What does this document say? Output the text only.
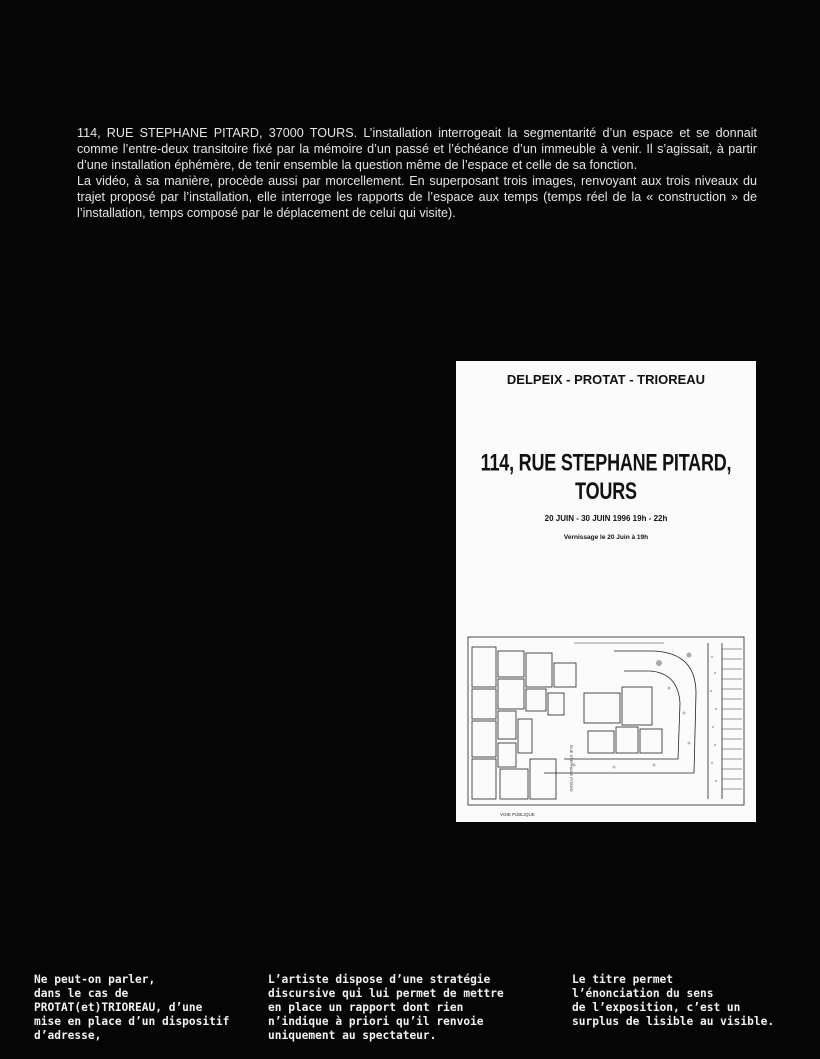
114, RUE STEPHANE PITARD, 37000 TOURS. L’installation interrogeait la segmentarité d’un espace et se donnait comme l’entre-deux transitoire fixé par la mémoire d’un passé et l’échéance d’un immeuble à venir. Il s’agissait, à partir d’une installation éphémère, de tenir ensemble la question même de l’espace et celle de sa fonction.

La vidéo, à sa manière, procède aussi par morcellement. En superposant trois images, renvoyant aux trois niveaux du trajet proposé par l’installation, elle interroge les rapports de l’espace aux temps (temps réel de la « construction » de l’installation, temps composé par le déplacement de celui qui visite).

DELPEIX - PROTAT - TRIOREAU
114, RUE STEPHANE PITARD, TOURS
20 JUIN - 30 JUIN 1996 19h - 22h
Vernissage le 20 Juin à 19h
RUE STEPHANE PITARD
VOIE PUBLIQUE
Ne peut-on parler,
dans le cas de
PROTAT(et)TRIOREAU, d’une
mise en place d’un dispositif
d’adresse,
L’artiste dispose d’une stratégie
discursive qui lui permet de mettre
en place un rapport dont rien
n’indique à priori qu’il renvoie
uniquement au spectateur.
Le titre permet
l’énonciation du sens
de l’exposition, c’est un
surplus de lisible au visible.
